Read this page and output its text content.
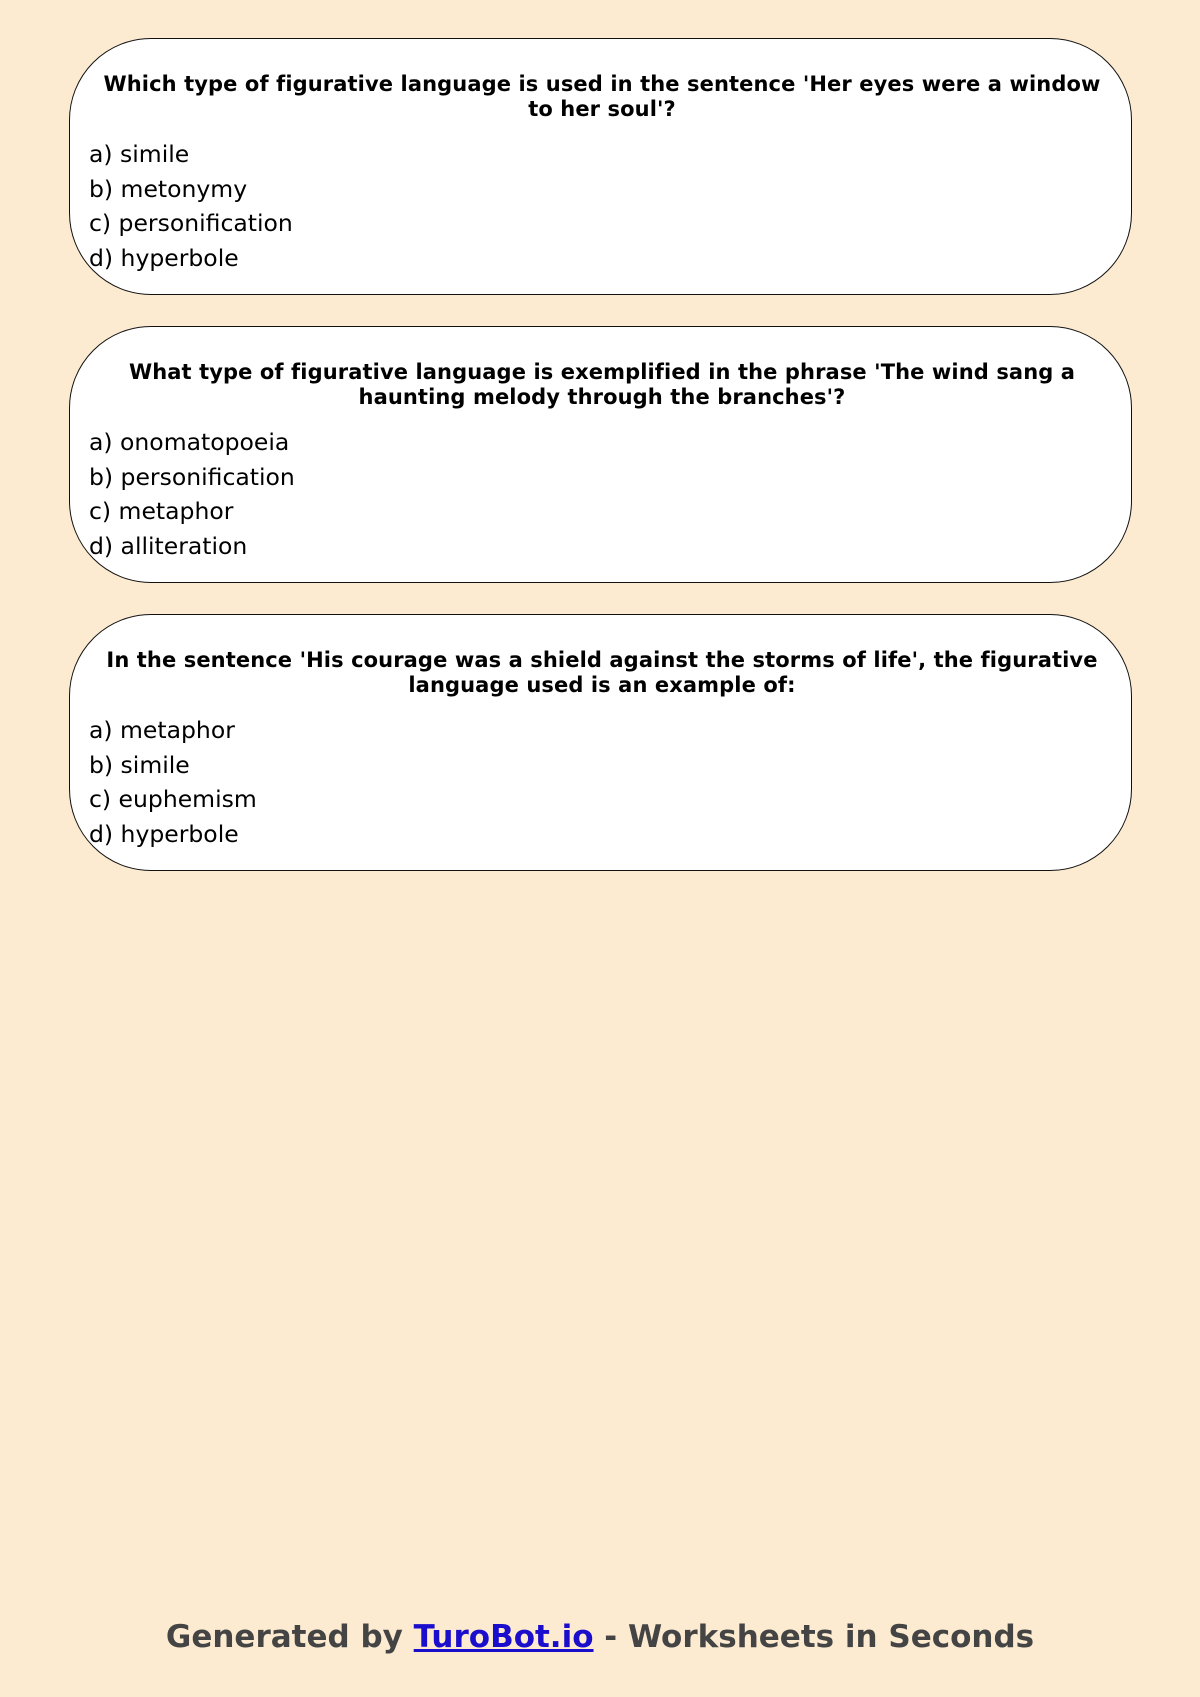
Which type of figurative language is used in the sentence 'Her eyes were a window to her soul'?

a) simile
b) metonymy
c) personification
d) hyperbole

What type of figurative language is exemplified in the phrase 'The wind sang a haunting melody through the branches'?

a) onomatopoeia
b) personification
c) metaphor
d) alliteration

In the sentence 'His courage was a shield against the storms of life', the figurative language used is an example of:

a) metaphor
b) simile
c) euphemism
d) hyperbole
Generated by TuroBot.io - Worksheets in Seconds
